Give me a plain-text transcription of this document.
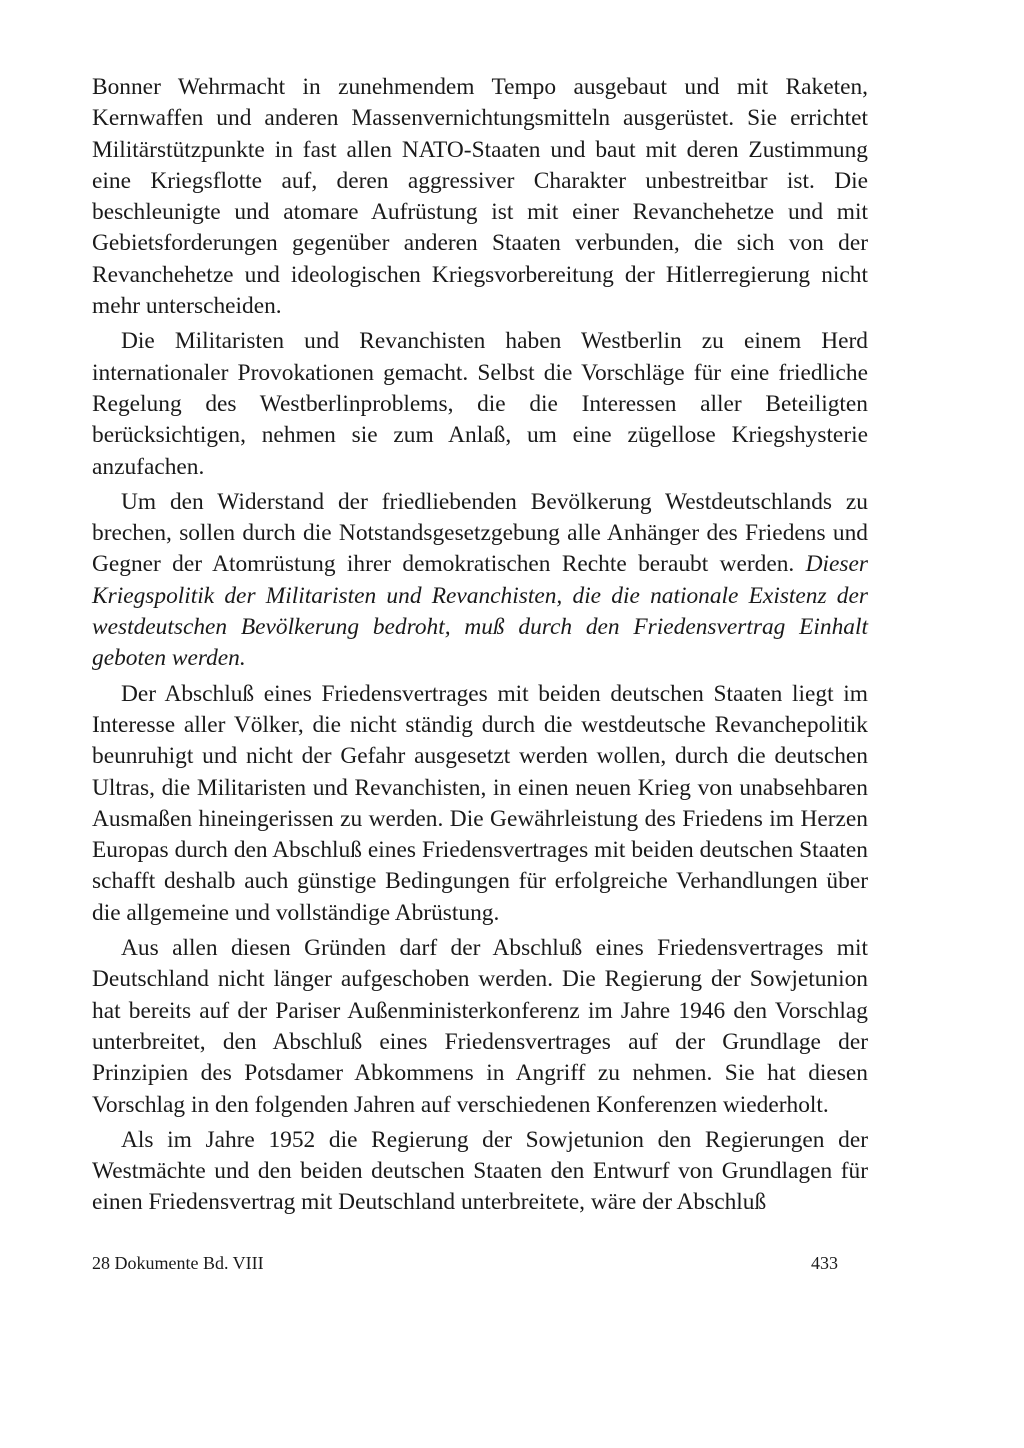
Bonner Wehrmacht in zunehmendem Tempo ausgebaut und mit Raketen, Kernwaffen und anderen Massenvernichtungsmitteln ausgerüstet. Sie errichtet Militärstützpunkte in fast allen NATO-Staaten und baut mit deren Zustimmung eine Kriegsflotte auf, deren aggressiver Charakter unbestreitbar ist. Die beschleunigte und atomare Aufrüstung ist mit einer Revanchehetze und mit Gebietsforderungen gegenüber anderen Staaten verbunden, die sich von der Revanchehetze und ideologischen Kriegsvorbereitung der Hitlerregierung nicht mehr unterscheiden.

Die Militaristen und Revanchisten haben Westberlin zu einem Herd internationaler Provokationen gemacht. Selbst die Vorschläge für eine friedliche Regelung des Westberlinproblems, die die Interessen aller Beteiligten berücksichtigen, nehmen sie zum Anlaß, um eine zügellose Kriegshysterie anzufachen.

Um den Widerstand der friedliebenden Bevölkerung Westdeutschlands zu brechen, sollen durch die Notstandsgesetzgebung alle Anhänger des Friedens und Gegner der Atomrüstung ihrer demokratischen Rechte beraubt werden. Dieser Kriegspolitik der Militaristen und Revanchisten, die die nationale Existenz der westdeutschen Bevölkerung bedroht, muß durch den Friedensvertrag Einhalt geboten werden.

Der Abschluß eines Friedensvertrages mit beiden deutschen Staaten liegt im Interesse aller Völker, die nicht ständig durch die westdeutsche Revanchepolitik beunruhigt und nicht der Gefahr ausgesetzt werden wollen, durch die deutschen Ultras, die Militaristen und Revanchisten, in einen neuen Krieg von unabsehbaren Ausmaßen hineingerissen zu werden. Die Gewährleistung des Friedens im Herzen Europas durch den Abschluß eines Friedensvertrages mit beiden deutschen Staaten schafft deshalb auch günstige Bedingungen für erfolgreiche Verhandlungen über die allgemeine und vollständige Abrüstung.

Aus allen diesen Gründen darf der Abschluß eines Friedensvertrages mit Deutschland nicht länger aufgeschoben werden. Die Regierung der Sowjetunion hat bereits auf der Pariser Außenministerkonferenz im Jahre 1946 den Vorschlag unterbreitet, den Abschluß eines Friedensvertrages auf der Grundlage der Prinzipien des Potsdamer Abkommens in Angriff zu nehmen. Sie hat diesen Vorschlag in den folgenden Jahren auf verschiedenen Konferenzen wiederholt.

Als im Jahre 1952 die Regierung der Sowjetunion den Regierungen der Westmächte und den beiden deutschen Staaten den Entwurf von Grundlagen für einen Friedensvertrag mit Deutschland unterbreitete, wäre der Abschluß

28 Dokumente Bd. VIII	433
